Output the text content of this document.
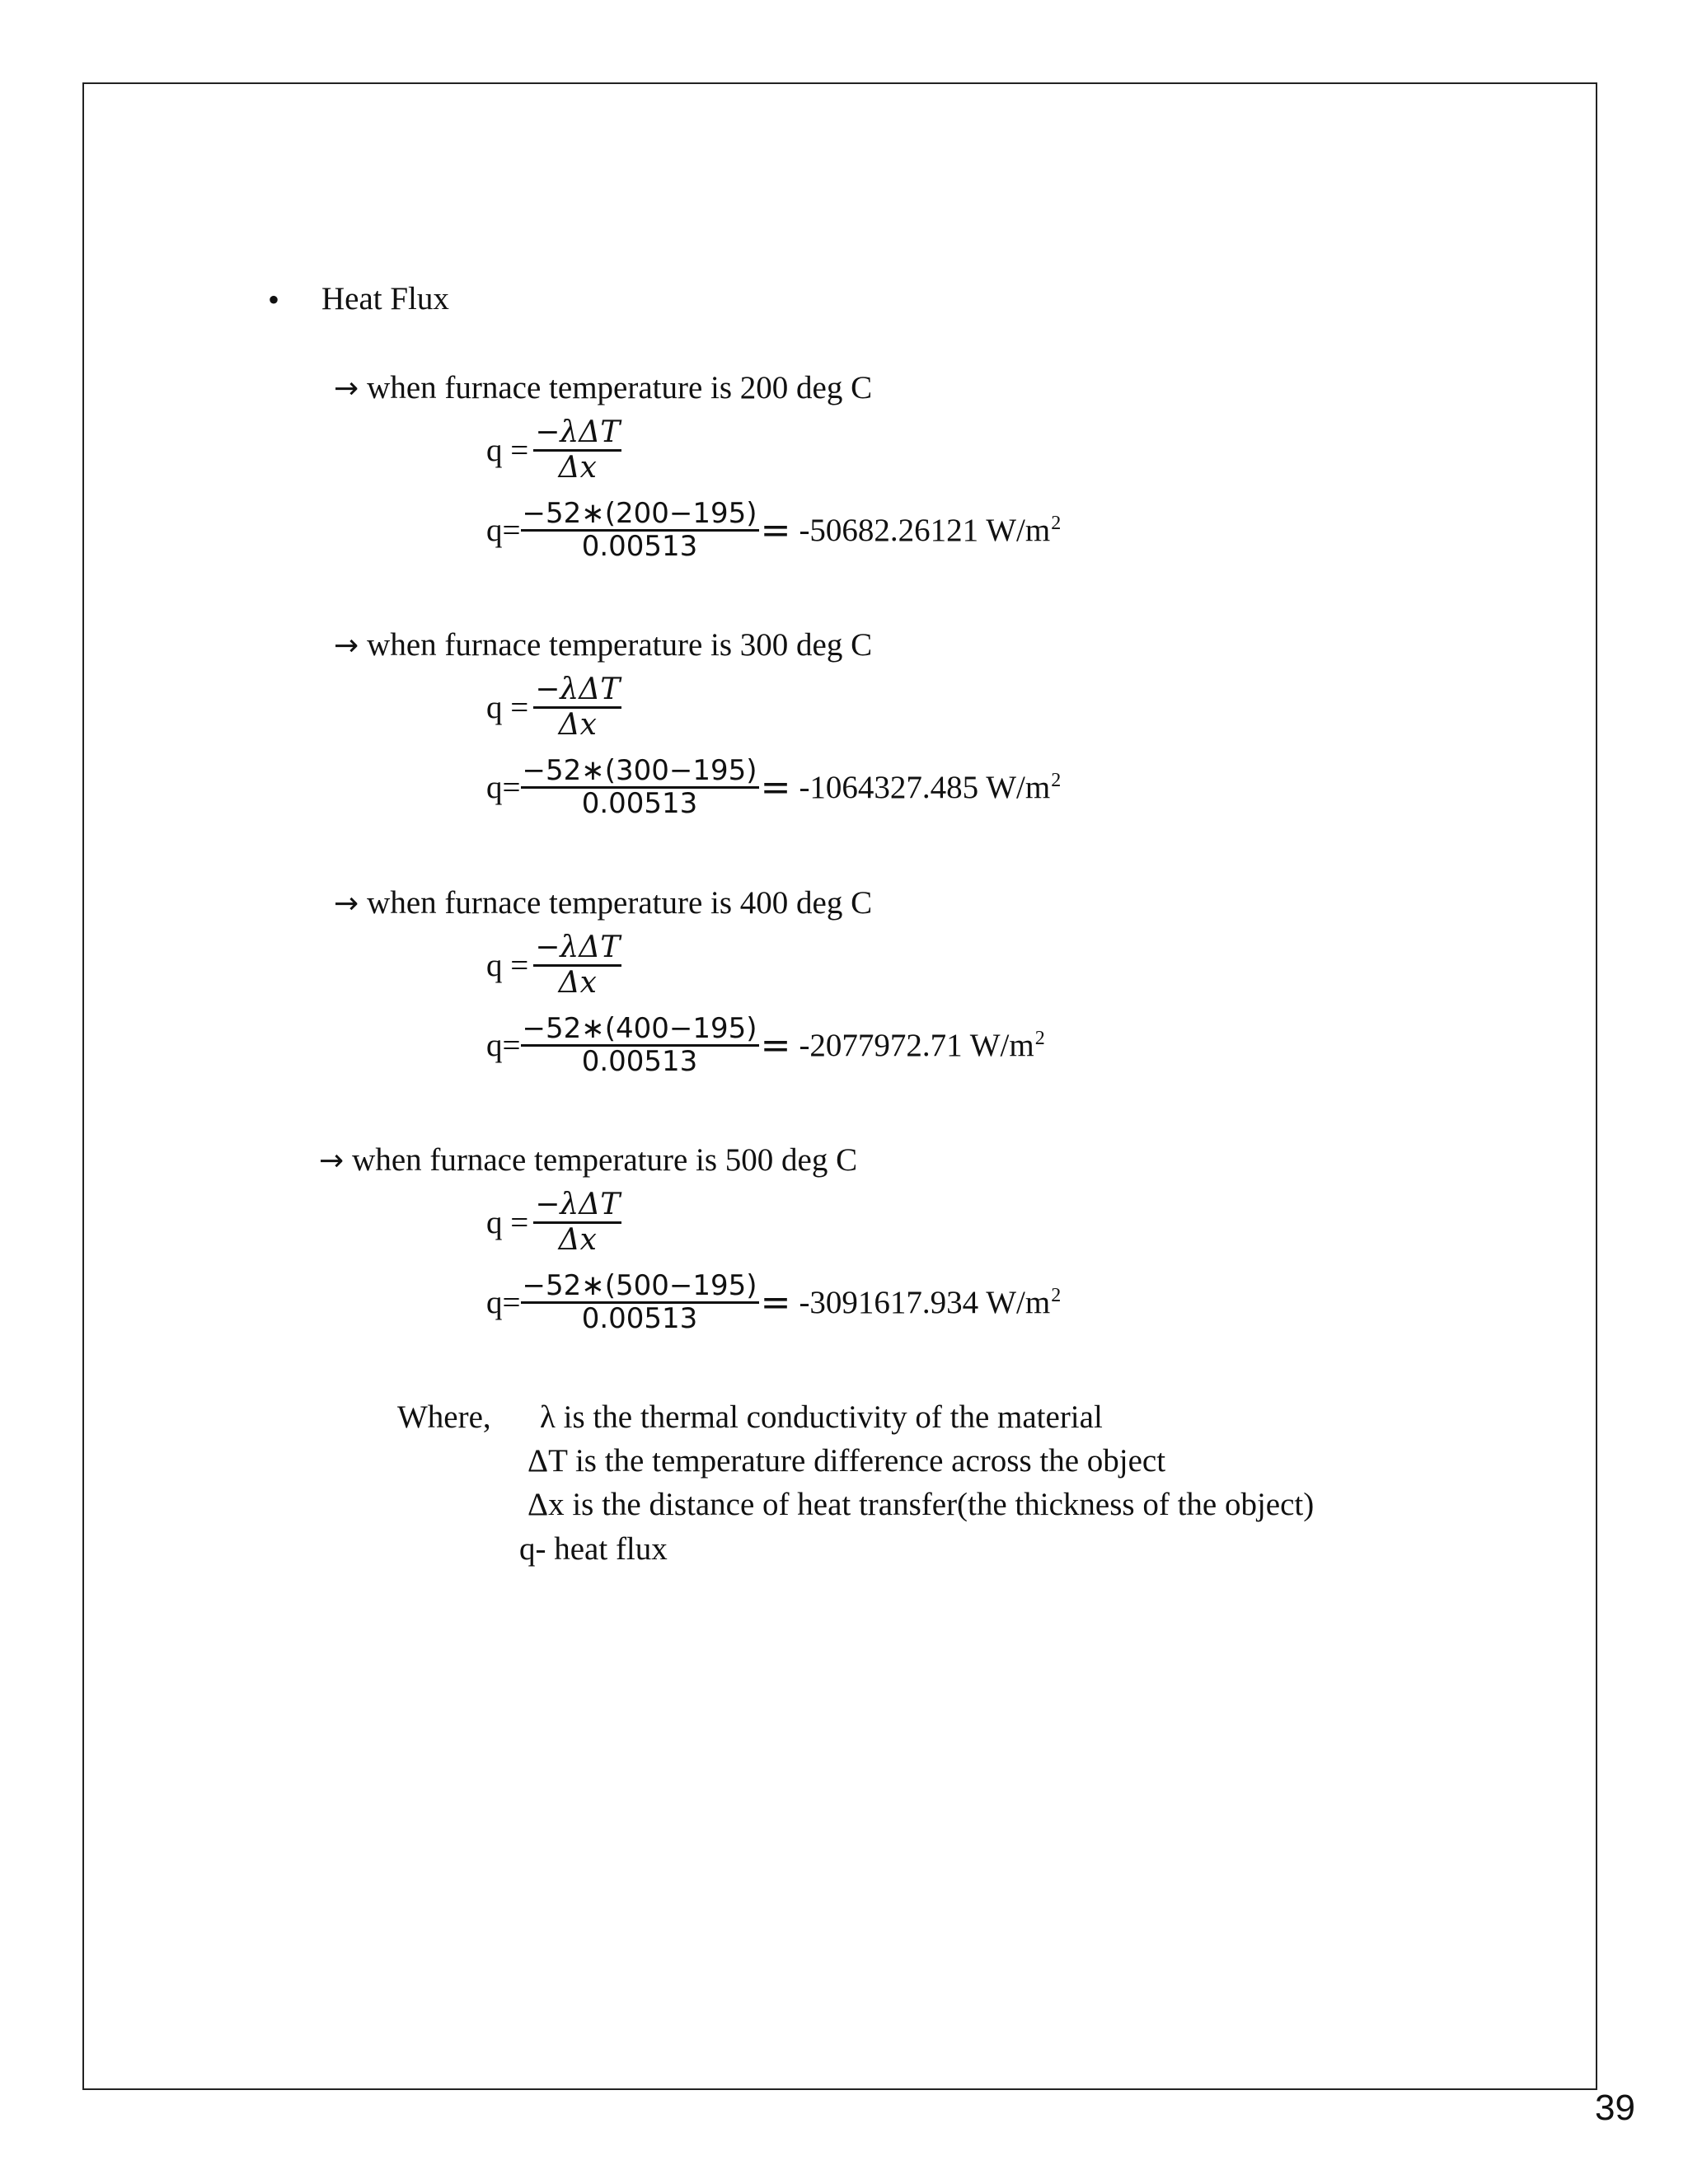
• Heat Flux
→ when furnace temperature is 200 deg C
$q = \frac{\text{−λΔT}}{\Delta x}$
$q= \frac{-52∗(200-195)}{0.00513} = -50682.26121$ $W/m^2$
→ when furnace temperature is 300 deg C
$q = \frac{\text{−λΔT}}{\Delta x}$
$q= \frac{-52∗(300-195)}{0.00513} = -1064327.485$ $W/m^2$
→ when furnace temperature is 400 deg C
$q = \frac{\text{−λΔT}}{\Delta x}$
$q= \frac{-52∗(400-195)}{0.00513} = -2077972.71$ $W/m^2$
→ when furnace temperature is 500 deg C
$q = \frac{\text{−λΔT}}{\Delta x}$
$q= \frac{-52∗(500-195)}{0.00513} = -3091617.934$ $W/m^2$
Where, λ is the thermal conductivity of the material
ΔT is the temperature difference across the object
Δx is the distance of heat transfer(the thickness of the object)
q- heat flux
39
